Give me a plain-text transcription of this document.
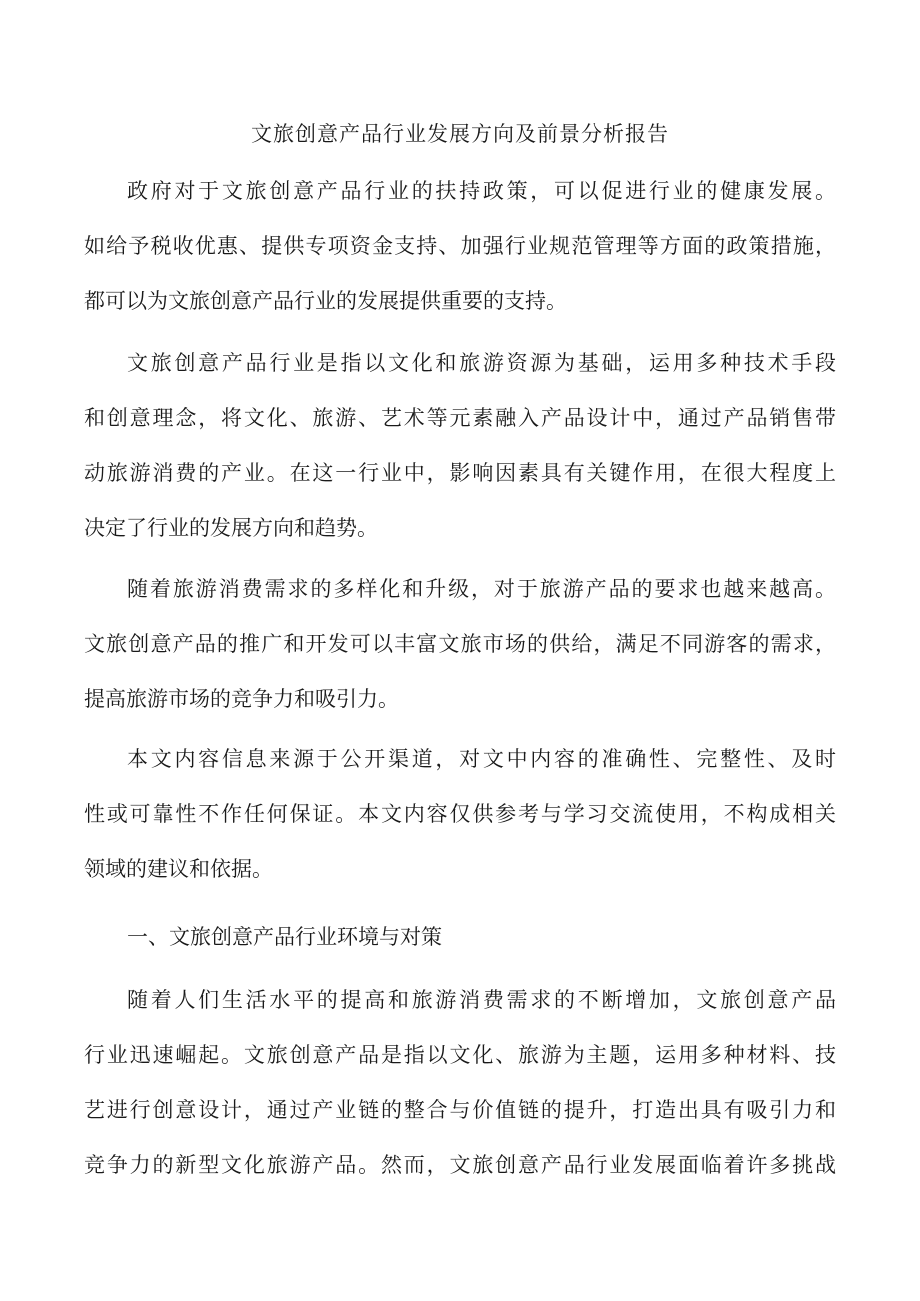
文旅创意产品行业发展方向及前景分析报告
政府对于文旅创意产品行业的扶持政策，可以促进行业的健康发展。
如给予税收优惠、提供专项资金支持、加强行业规范管理等方面的政策措施，
都可以为文旅创意产品行业的发展提供重要的支持。
文旅创意产品行业是指以文化和旅游资源为基础，运用多种技术手段
和创意理念，将文化、旅游、艺术等元素融入产品设计中，通过产品销售带
动旅游消费的产业。在这一行业中，影响因素具有关键作用，在很大程度上
决定了行业的发展方向和趋势。
随着旅游消费需求的多样化和升级，对于旅游产品的要求也越来越高。
文旅创意产品的推广和开发可以丰富文旅市场的供给，满足不同游客的需求，
提高旅游市场的竞争力和吸引力。
本文内容信息来源于公开渠道，对文中内容的准确性、完整性、及时
性或可靠性不作任何保证。本文内容仅供参考与学习交流使用，不构成相关
领域的建议和依据。
一、文旅创意产品行业环境与对策
随着人们生活水平的提高和旅游消费需求的不断增加，文旅创意产品
行业迅速崛起。文旅创意产品是指以文化、旅游为主题，运用多种材料、技
艺进行创意设计，通过产业链的整合与价值链的提升，打造出具有吸引力和
竞争力的新型文化旅游产品。然而，文旅创意产品行业发展面临着许多挑战
